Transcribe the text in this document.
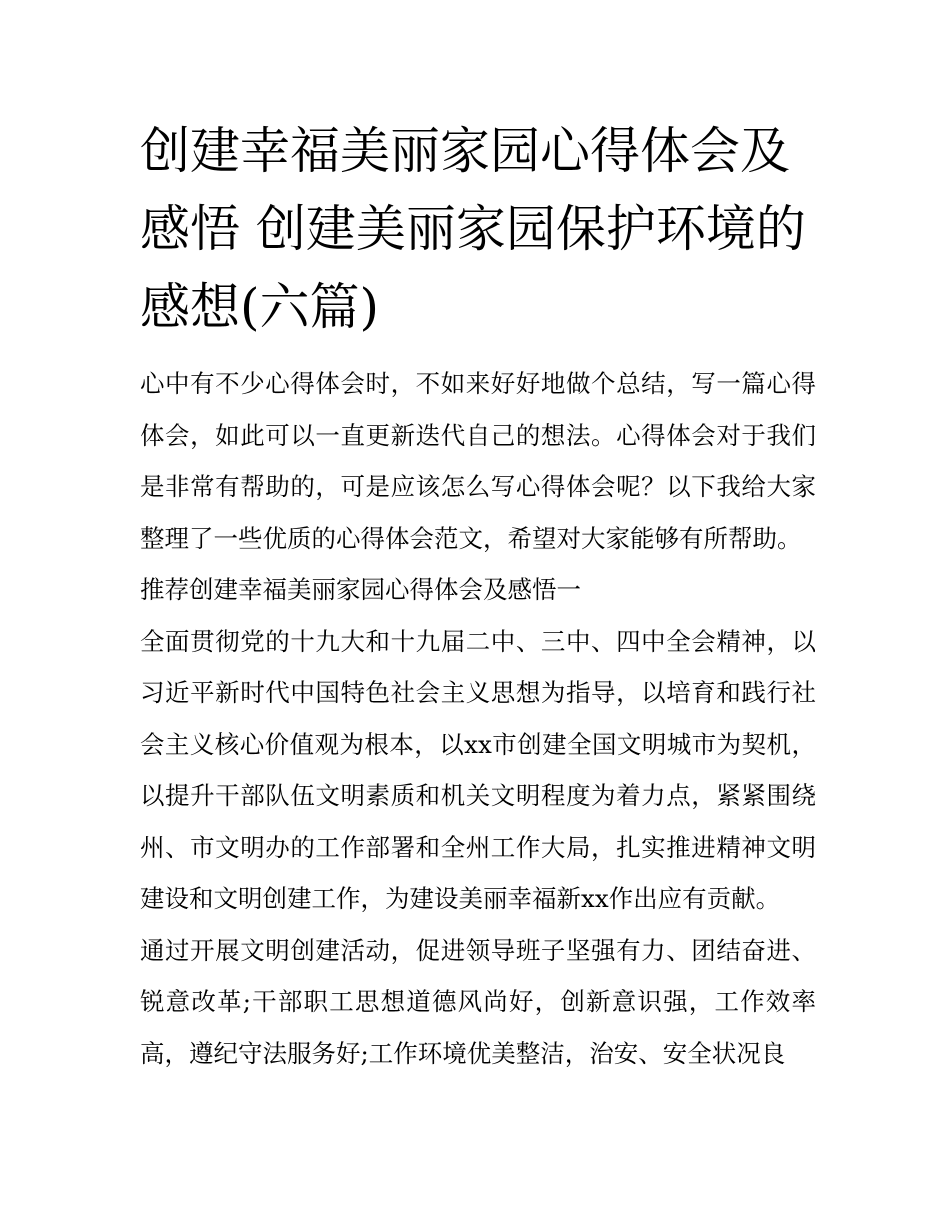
创建幸福美丽家园心得体会及感悟 创建美丽家园保护环境的感想(六篇)

心中有不少心得体会时，不如来好好地做个总结，写一篇心得体会，如此可以一直更新迭代自己的想法。心得体会对于我们是非常有帮助的，可是应该怎么写心得体会呢？以下我给大家整理了一些优质的心得体会范文，希望对大家能够有所帮助。

推荐创建幸福美丽家园心得体会及感悟一

全面贯彻党的十九大和十九届二中、三中、四中全会精神，以习近平新时代中国特色社会主义思想为指导，以培育和践行社会主义核心价值观为根本，以xx市创建全国文明城市为契机，以提升干部队伍文明素质和机关文明程度为着力点，紧紧围绕州、市文明办的工作部署和全州工作大局，扎实推进精神文明建设和文明创建工作，为建设美丽幸福新xx作出应有贡献。

通过开展文明创建活动，促进领导班子坚强有力、团结奋进、锐意改革;干部职工思想道德风尚好，创新意识强，工作效率高，遵纪守法服务好;工作环境优美整洁，治安、安全状况良
